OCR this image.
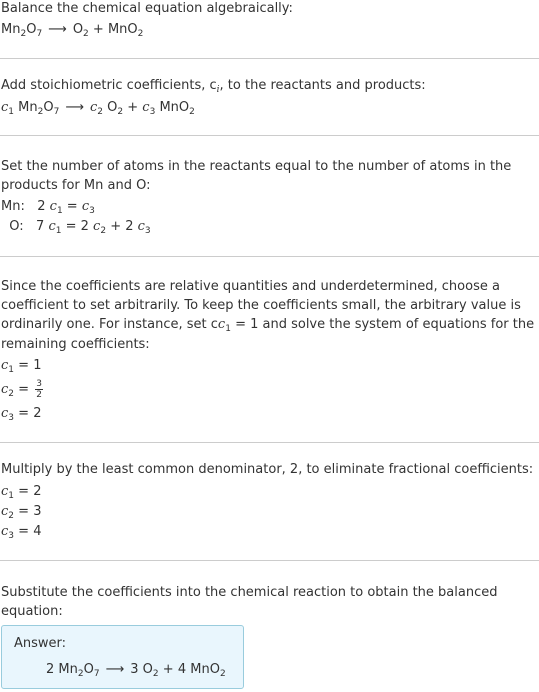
Balance the chemical equation algebraically:
$Mn_2O_7$ ⟶ $O_2 + MnO_2$
Add stoichiometric coefficients, $c_i$, to the reactants and products:
$c_1$ $Mn_2O_7$ ⟶ $c_2$ $O_2 + c_3$ MnO$_2$
Set the number of atoms in the reactants equal to the number of atoms in the
products for Mn and O:
Mn:   2 $c_1 = c_3$
O:   7 $c_1 = 2$ $c_2 + 2$ $c_3$
Since the coefficients are relative quantities and underdetermined, choose a
coefficient to set arbitrarily. To keep the coefficients small, the arbitrary value is
ordinarily one. For instance, set $cc_1 = 1$ and solve the system of equations for the
remaining coefficients:
$c_1 = 1$
$c_2 = \frac{3}{2}$
$c_3 = 2$
Multiply by the least common denominator, 2, to eliminate fractional coefficients:
$c_1 = 2$
$c_2 = 3$
$c_3 = 4$
Substitute the coefficients into the chemical reaction to obtain the balanced
equation:
Answer:
2 $Mn_2O_7$ ⟶ 3 $O_2 + 4$ MnO$_2$
